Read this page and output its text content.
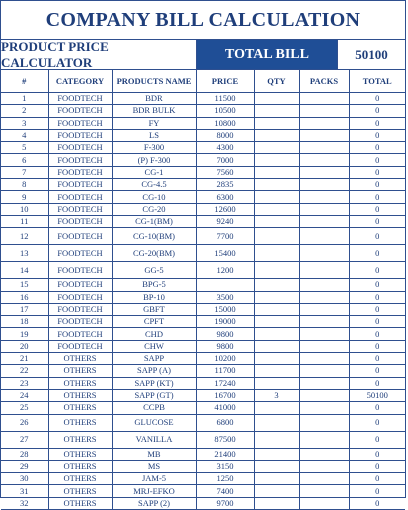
COMPANY BILL CALCULATION
PRODUCT PRICE CALCULATOR
TOTAL BILL	50100
#	CATEGORY	PRODUCTS NAME	PRICE	QTY	PACKS	TOTAL
1	FOODTECH	BDR	11500			0
2	FOODTECH	BDR BULK	10500			0
3	FOODTECH	FY	10800			0
4	FOODTECH	LS	8000			0
5	FOODTECH	F-300	4300			0
6	FOODTECH	(P) F-300	7000			0
7	FOODTECH	CG-1	7560			0
8	FOODTECH	CG-4.5	2835			0
9	FOODTECH	CG-10	6300			0
10	FOODTECH	CG-20	12600			0
11	FOODTECH	CG-1(BM)	9240			0
12	FOODTECH	CG-10(BM)	7700			0
13	FOODTECH	CG-20(BM)	15400			0
14	FOODTECH	GG-5	1200			0
15	FOODTECH	BPG-5				0
16	FOODTECH	BP-10	3500			0
17	FOODTECH	GBFT	15000			0
18	FOODTECH	CPFT	19000			0
19	FOODTECH	CHD	9800			0
20	FOODTECH	CHW	9800			0
21	OTHERS	SAPP	10200			0
22	OTHERS	SAPP (A)	11700			0
23	OTHERS	SAPP (KT)	17240			0
24	OTHERS	SAPP (GT)	16700	3		50100
25	OTHERS	CCPB	41000			0
26	OTHERS	GLUCOSE	6800			0
27	OTHERS	VANILLA	87500			0
28	OTHERS	MB	21400			0
29	OTHERS	MS	3150			0
30	OTHERS	JAM-5	1250			0
31	OTHERS	MRJ-EFKO	7400			0
32	OTHERS	SAPP (2)	9700			0
